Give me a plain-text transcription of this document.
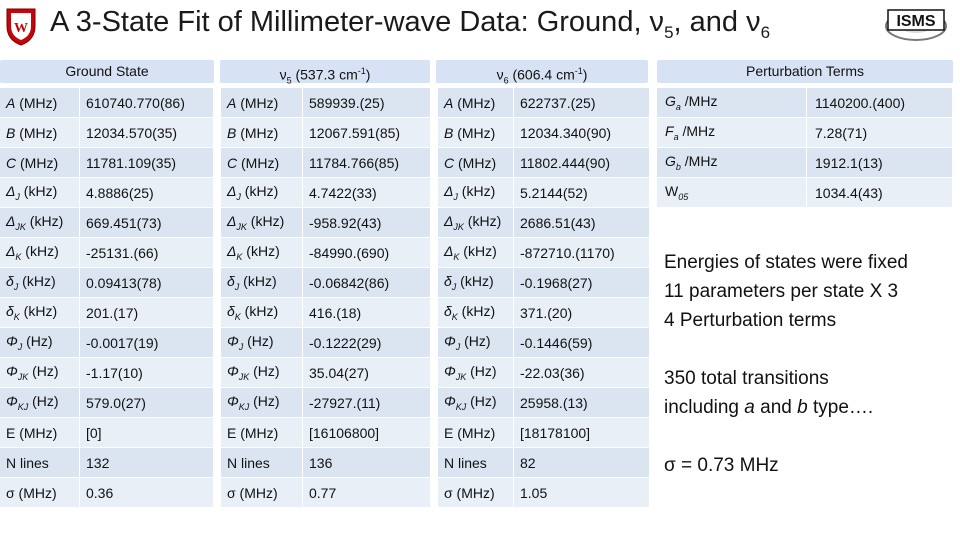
W	ISMS
A 3-State Fit of Millimeter-wave Data: Ground, $\nu_5$, and $\nu_6$
Ground State	$\nu_5$ (537.3 $cm^{-1}$)	$\nu_6$ (606.4 $cm^{-1}$)	Perturbation Terms
A (MHz)	610740.770(86)		A (MHz)	589939.(25)		A (MHz)	622737.(25)
B (MHz)	12034.570(35)		B (MHz)	12067.591(85)		B (MHz)	12034.340(90)
C (MHz)	11781.109(35)		C (MHz)	11784.766(85)		C (MHz)	11802.444(90)
$\Delta_J$ (kHz)	4.8886(25)		$\Delta_J$ (kHz)	4.7422(33)		$\Delta_J$ (kHz)	5.2144(52)
$\Delta_{JK}$ (kHz)	669.451(73)		$\Delta_{JK}$ (kHz)	-958.92(43)		$\Delta_{JK}$ (kHz)	2686.51(43)
$\Delta_K$ (kHz)	-25131.(66)		$\Delta_K$ (kHz)	-84990.(690)		$\Delta_K$ (kHz)	-872710.(1170)
$\delta_J$ (kHz)	0.09413(78)		$\delta_J$ (kHz)	-0.06842(86)		$\delta_J$ (kHz)	-0.1968(27)
$\delta_K$ (kHz)	201.(17)		$\delta_K$ (kHz)	416.(18)		$\delta_K$ (kHz)	371.(20)
$\Phi_J$ (Hz)	-0.0017(19)		$\Phi_J$ (Hz)	-0.1222(29)		$\Phi_J$ (Hz)	-0.1446(59)
$\Phi_{JK}$ (Hz)	-1.17(10)		$\Phi_{JK}$ (Hz)	35.04(27)		$\Phi_{JK}$ (Hz)	-22.03(36)
$\Phi_{KJ}$ (Hz)	579.0(27)		$\Phi_{KJ}$ (Hz)	-27927.(11)		$\Phi_{KJ}$ (Hz)	25958.(13)
E (MHz)	[0]		E (MHz)	[16106800]		E (MHz)	[18178100]
N lines	132		N lines	136		N lines	82
σ (MHz)	0.36		σ (MHz)	0.77		σ (MHz)	1.05
$G_a$ /MHz	1140200.(400)
$F_a$ /MHz	7.28(71)
$G_b$ /MHz	1912.1(13)
$W_{05}$	1034.4(43)
Energies of states were fixed
11 parameters per state X 3
4 Perturbation terms
350 total transitions
including a and b type….
σ = 0.73 MHz
